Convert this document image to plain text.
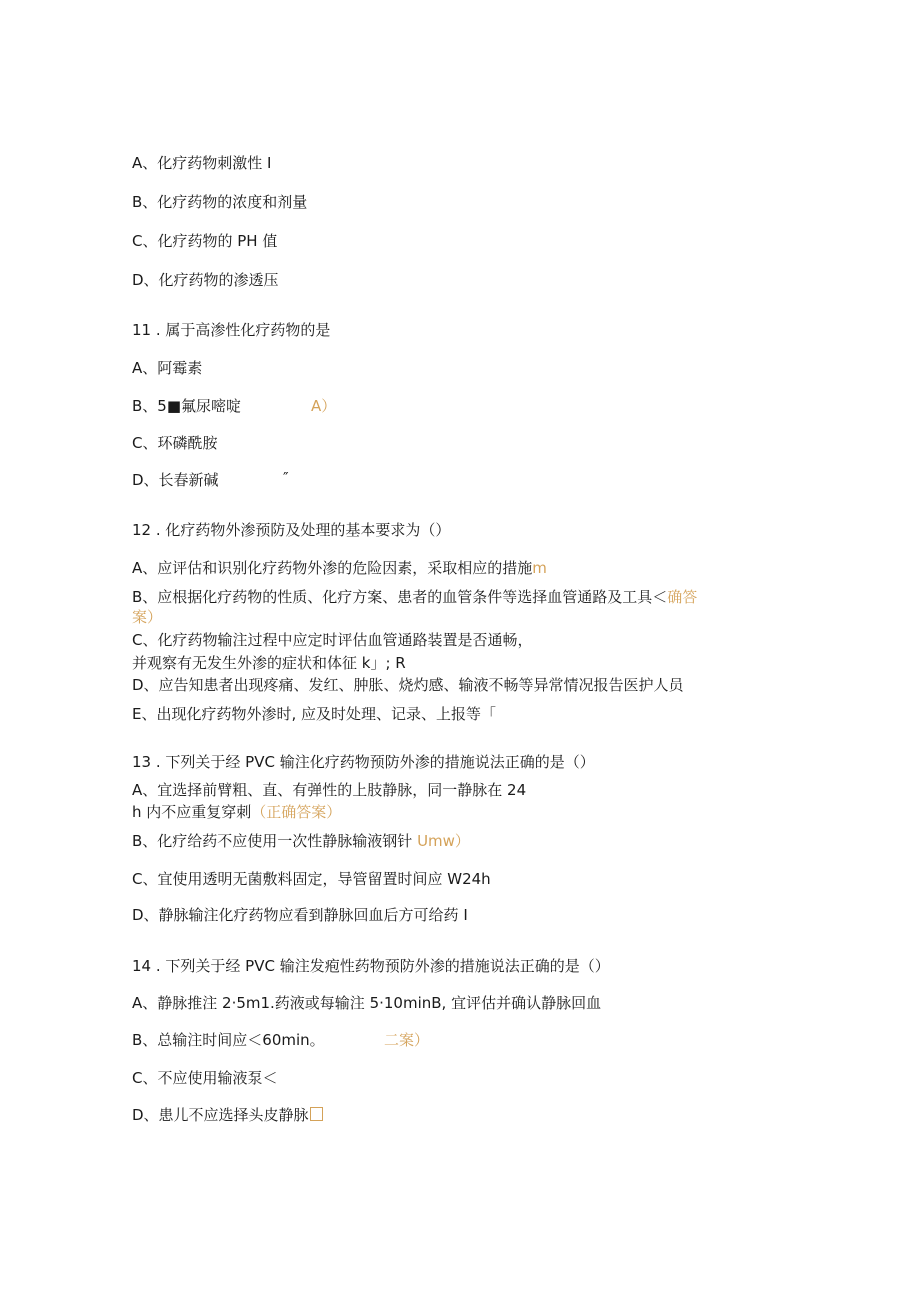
A、化疗药物刺激性 I
B、化疗药物的浓度和剂量
C、化疗药物的 PH 值
D、化疗药物的渗透压
11 . 属于高渗性化疗药物的是
A、阿霉素
B、5■氟尿嘧啶	A）
C、环磷酰胺
D、长春新碱	″
12 . 化疗药物外渗预防及处理的基本要求为（）
A、应评估和识别化疗药物外渗的危险因素，采取相应的措施m
B、应根据化疗药物的性质、化疗方案、患者的血管条件等选择血管通路及工具＜确答
案）
C、化疗药物输注过程中应定时评估血管通路装置是否通畅，
并观察有无发生外渗的症状和体征 k」; R
D、应告知患者出现疼痛、发红、肿胀、烧灼感、输液不畅等异常情况报告医护人员
E、出现化疗药物外渗时, 应及时处理、记录、上报等「
13 . 下列关于经 PVC 输注化疗药物预防外渗的措施说法正确的是（）
A、宜选择前臂粗、直、有弹性的上肢静脉，同一静脉在 24
h 内不应重复穿刺（正确答案）
B、化疗给药不应使用一次性静脉输液钢针 Umw）
C、宜使用透明无菌敷料固定，导管留置时间应 W24h
D、静脉输注化疗药物应看到静脉回血后方可给药 I
14 . 下列关于经 PVC 输注发疱性药物预防外渗的措施说法正确的是（）
A、静脉推注 2·5m1.药液或每输注 5·10minB, 宜评估并确认静脉回血
B、总输注时间应＜60min。	二案）
C、不应使用输液泵＜
D、患儿不应选择头皮静脉
